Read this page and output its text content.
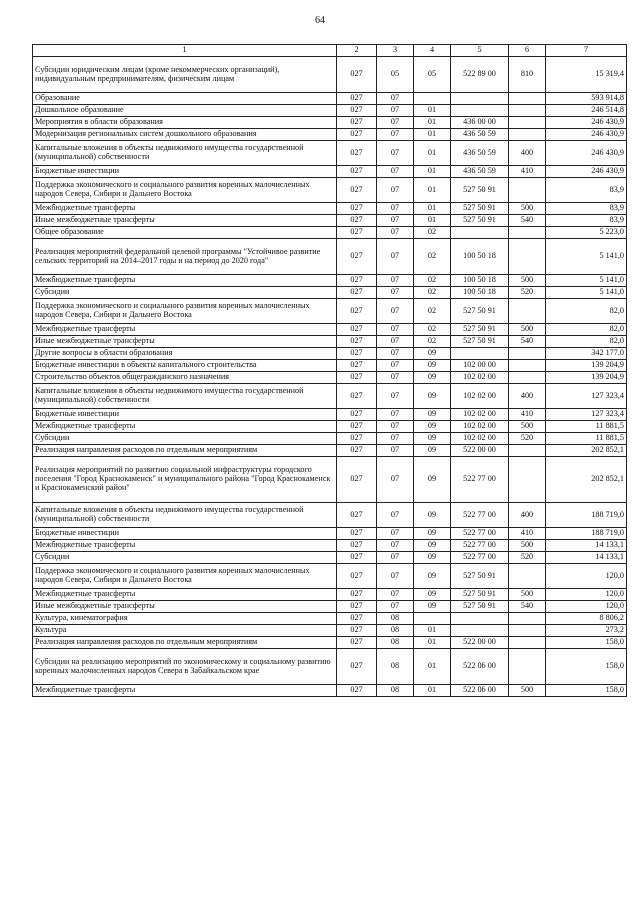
64
1	2	3	4	5	6	7
Субсидии юридическим лицам (кроме некоммерческих организаций), индивидуальным предпринимателям, физическим лицам	027	05	05	522 89 00	810	15 319,4
Образование	027	07				593 914,8
Дошкольное образование	027	07	01			246 514,8
Мероприятия в области образования	027	07	01	436 00 00		246 430,9
Модернизация региональных систем дошкольного образования	027	07	01	436 50 59		246 430,9
Капитальные вложения в объекты недвижимого имущества государственной (муниципальной) собственности	027	07	01	436 50 59	400	246 430,9
Бюджетные инвестиции	027	07	01	436 50 59	410	246 430,9
Поддержка экономического и социального развития коренных малочисленных народов Севера, Сибири и Дальнего Востока	027	07	01	527 50 91		83,9
Межбюджетные трансферты	027	07	01	527 50 91	500	83,9
Иные межбюджетные трансферты	027	07	01	527 50 91	540	83,9
Общее образование	027	07	02			5 223,0
Реализация мероприятий федеральной целевой программы "Устойчивое развитие сельских территорий на 2014–2017 годы и на период до 2020 года"	027	07	02	100 50 18		5 141,0
Межбюджетные трансферты	027	07	02	100 50 18	500	5 141,0
Субсидии	027	07	02	100 50 18	520	5 141,0
Поддержка экономического и социального развития коренных малочисленных народов Севера, Сибири и Дальнего Востока	027	07	02	527 50 91		82,0
Межбюджетные трансферты	027	07	02	527 50 91	500	82,0
Иные межбюджетные трансферты	027	07	02	527 50 91	540	82,0
Другие вопросы в области образования	027	07	09			342 177,0
Бюджетные инвестиции в объекты капитального строительства	027	07	09	102 00 00		139 204,9
Строительство объектов общегражданского назначения	027	07	09	102 02 00		139 204,9
Капитальные вложения в объекты недвижимого имущества государственной (муниципальной) собственности	027	07	09	102 02 00	400	127 323,4
Бюджетные инвестиции	027	07	09	102 02 00	410	127 323,4
Межбюджетные трансферты	027	07	09	102 02 00	500	11 881,5
Субсидии	027	07	09	102 02 00	520	11 881,5
Реализация направления расходов по отдельным мероприятиям	027	07	09	522 00 00		202 852,1
Реализация мероприятий по развитию социальной инфраструктуры городского поселения "Город Краснокаменск" и муниципального района "Город Краснокаменск и Краснокаменский район"	027	07	09	522 77 00		202 852,1
Капитальные вложения в объекты недвижимого имущества государственной (муниципальной) собственности	027	07	09	522 77 00	400	188 719,0
Бюджетные инвестиции	027	07	09	522 77 00	410	188 719,0
Межбюджетные трансферты	027	07	09	522 77 00	500	14 133,1
Субсидии	027	07	09	522 77 00	520	14 133,1
Поддержка экономического и социального развития коренных малочисленных народов Севера, Сибири и Дальнего Востока	027	07	09	527 50 91		120,0
Межбюджетные трансферты	027	07	09	527 50 91	500	120,0
Иные межбюджетные трансферты	027	07	09	527 50 91	540	120,0
Культура, кинематография	027	08				8 806,2
Культура	027	08	01			273,2
Реализация направления расходов по отдельным мероприятиям	027	08	01	522 00 00		158,0
Субсидии на реализацию мероприятий по экономическому и социальному развитию коренных малочисленных народов Севера в Забайкальском крае	027	08	01	522 06 00		158,0
Межбюджетные трансферты	027	08	01	522 06 00	500	158,0
